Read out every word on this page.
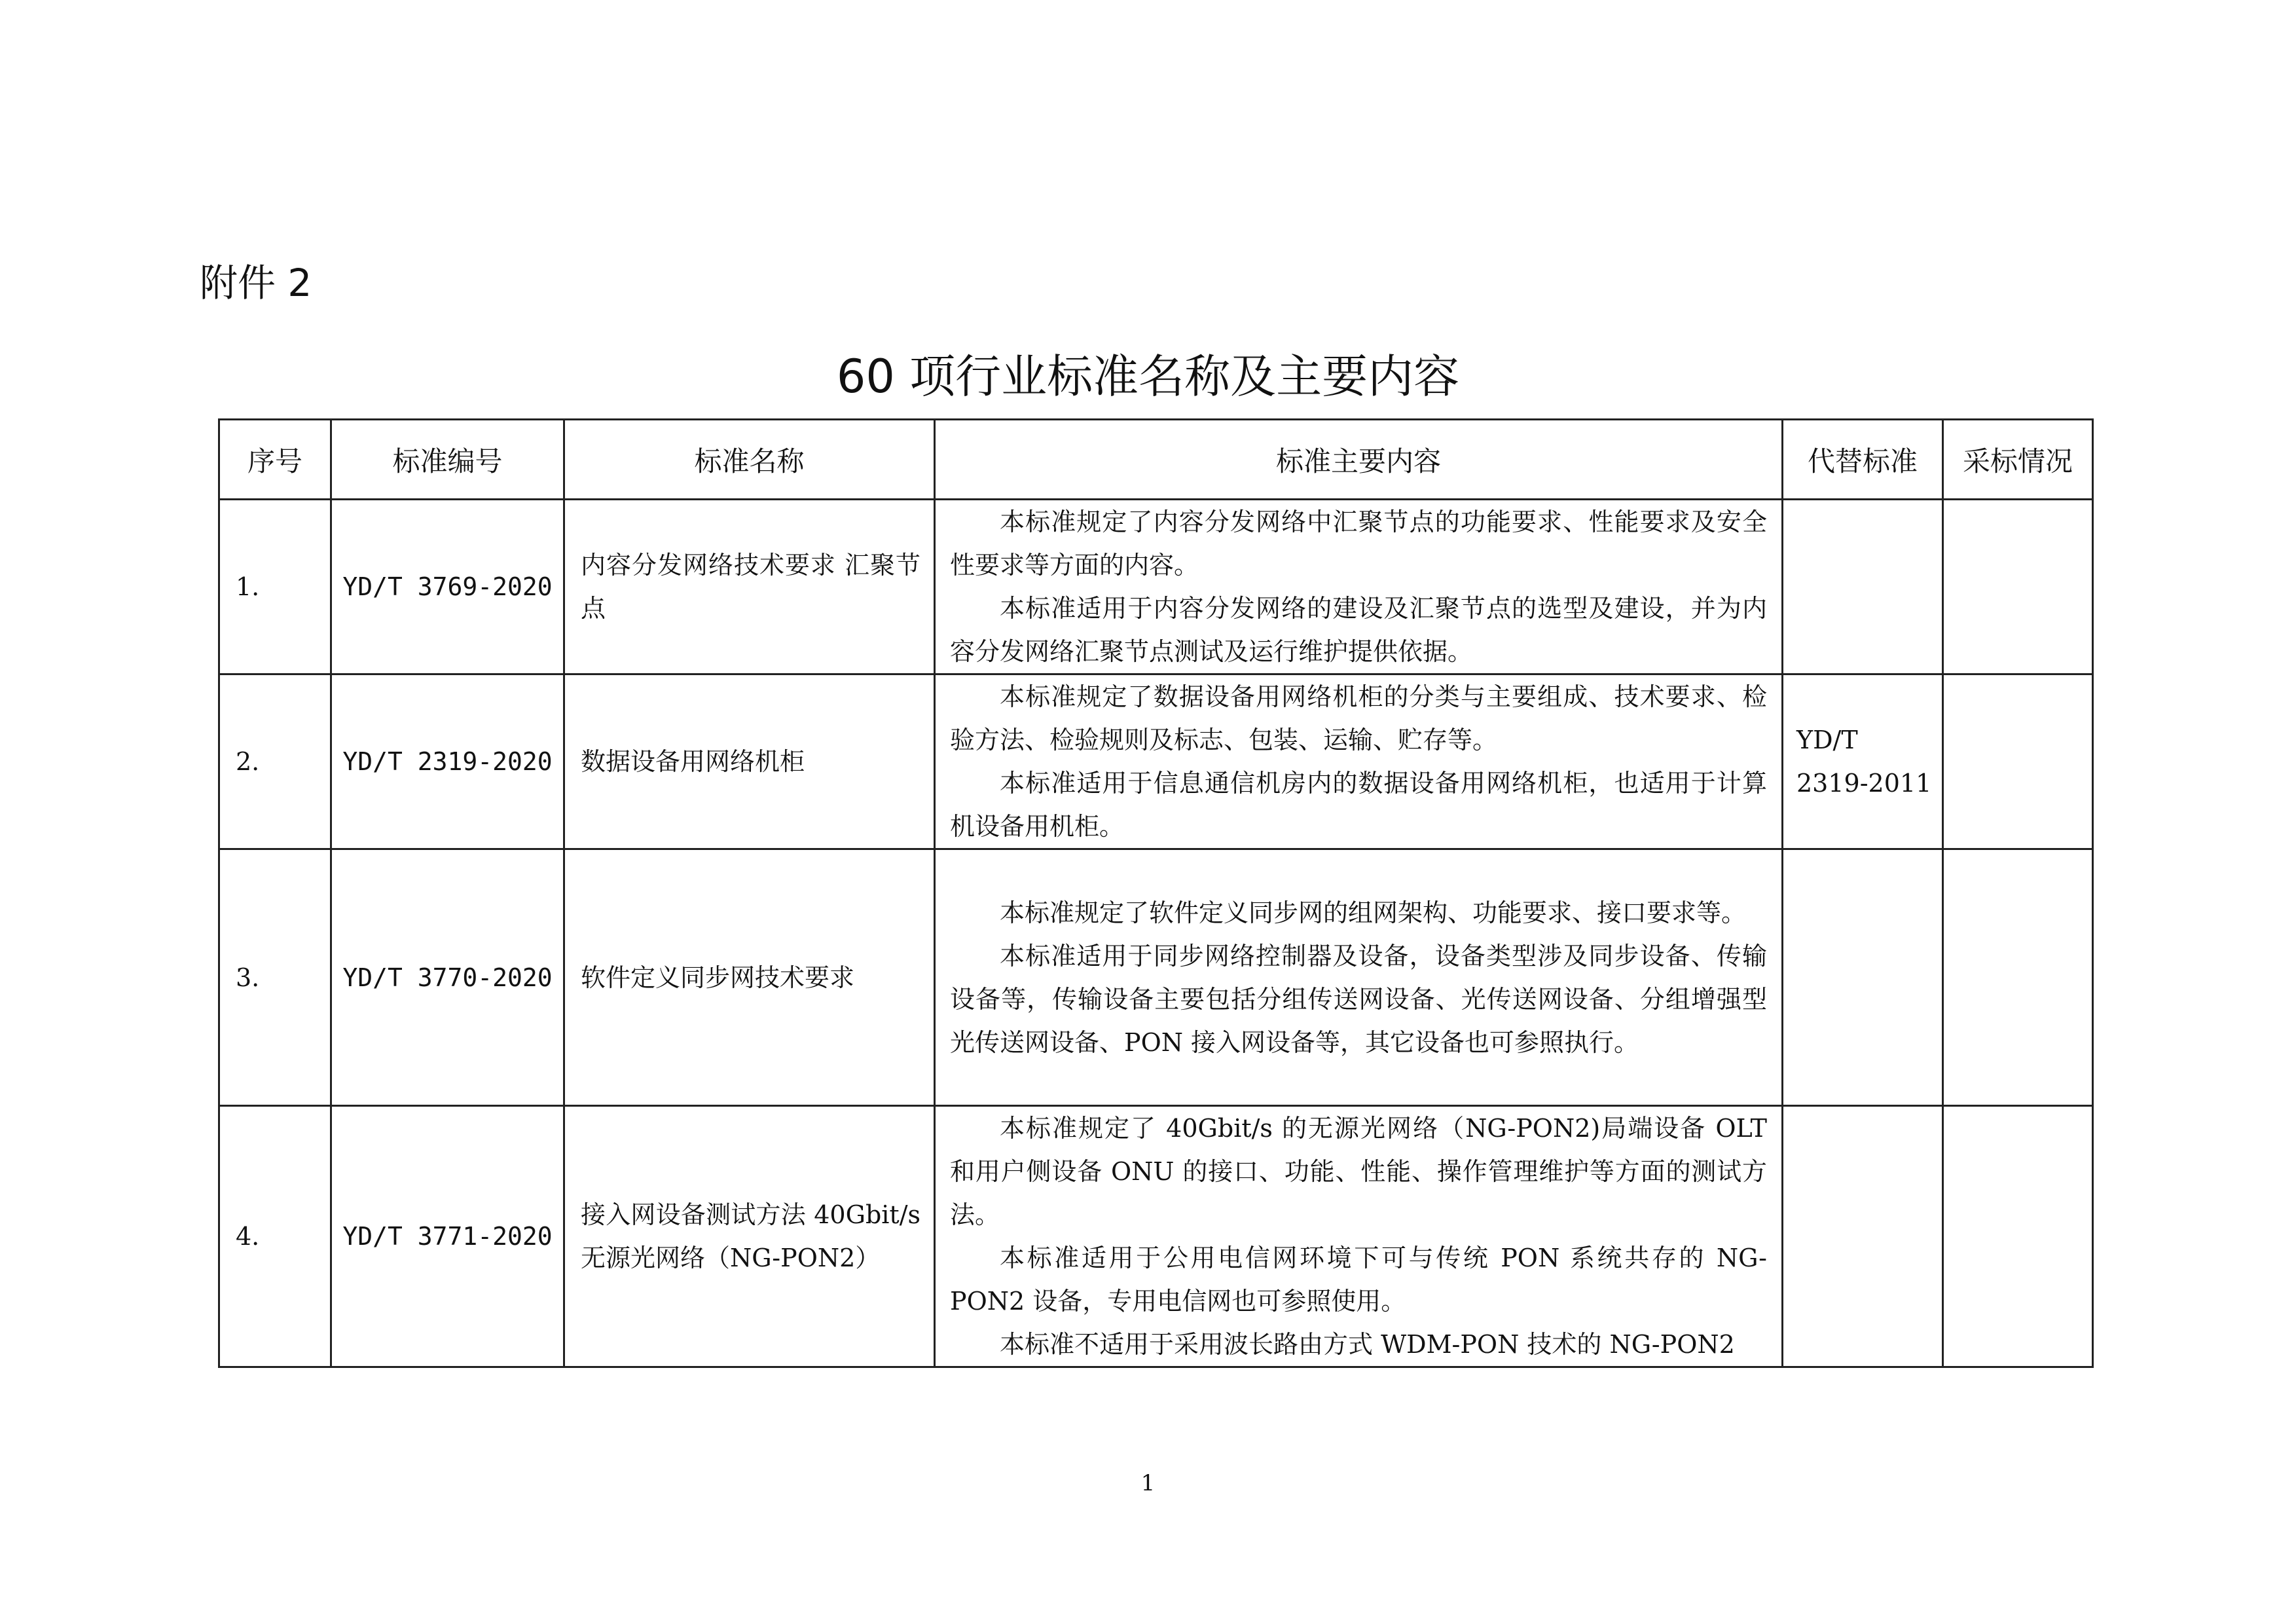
附件 2
60 项行业标准名称及主要内容
序号	标准编号	标准名称	标准主要内容	代替标准	采标情况
1.	YD/T 3769-2020	内容分发网络技术要求 汇聚节点	本标准规定了内容分发网络中汇聚节点的功能要求、性能要求及安全性要求等方面的内容。

本标准适用于内容分发网络的建设及汇聚节点的选型及建设，并为内容分发网络汇聚节点测试及运行维护提供依据。		

2.	YD/T 2319-2020	数据设备用网络机柜	本标准规定了数据设备用网络机柜的分类与主要组成、技术要求、检验方法、检验规则及标志、包装、运输、贮存等。

本标准适用于信息通信机房内的数据设备用网络机柜，也适用于计算机设备用机柜。	YD/T 2319-2011	
3.	YD/T 3770-2020	软件定义同步网技术要求	本标准规定了软件定义同步网的组网架构、功能要求、接口要求等。

本标准适用于同步网络控制器及设备，设备类型涉及同步设备、传输设备等，传输设备主要包括分组传送网设备、光传送网设备、分组增强型光传送网设备、PON 接入网设备等，其它设备也可参照执行。		

4.	YD/T 3771-2020	接入网设备测试方法 40Gbit/s 无源光网络（NG-PON2）	本标准规定了 40Gbit/s 的无源光网络（NG-PON2)局端设备 OLT 和用户侧设备 ONU 的接口、功能、性能、操作管理维护等方面的测试方法。

本标准适用于公用电信网环境下可与传统 PON 系统共存的 NG-PON2 设备，专用电信网也可参照使用。

本标准不适用于采用波长路由方式 WDM-PON 技术的 NG-PON2		

1
